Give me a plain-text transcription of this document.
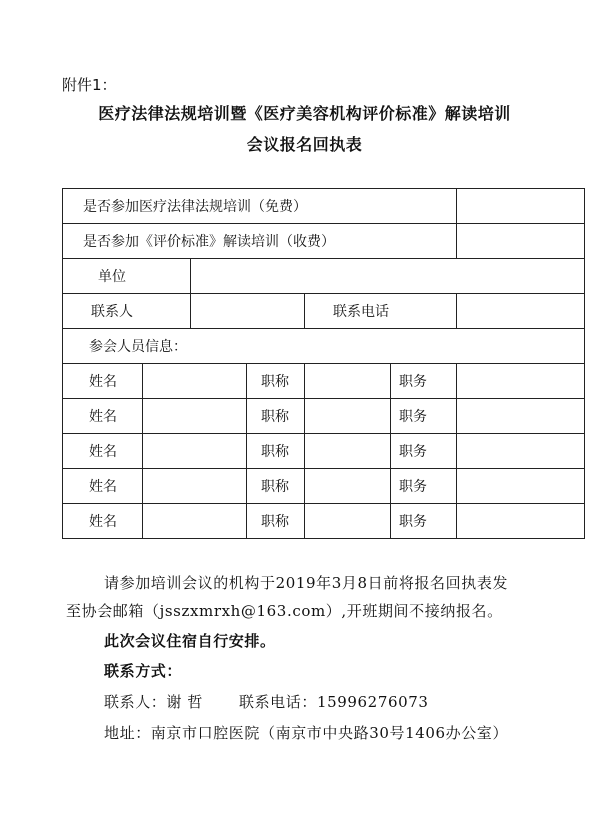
附件1：
医疗法律法规培训暨《医疗美容机构评价标准》解读培训
会议报名回执表
是否参加医疗法律法规培训（免费）						
是否参加《评价标准》解读培训（收费）						
单位						
联系人				联系电话		
参会人员信息：						
姓名			职称		职务	
姓名			职称		职务	
姓名			职称		职务	
姓名			职称		职务	
姓名			职称		职务	
请参加培训会议的机构于2019年3月8日前将报名回执表发
至协会邮箱（jsszxmrxh@163.com）,开班期间不接纳报名。
此次会议住宿自行安排。
联系方式：
联系人：谢 哲 联系电话：15996276073
地址：南京市口腔医院（南京市中央路30号1406办公室）
